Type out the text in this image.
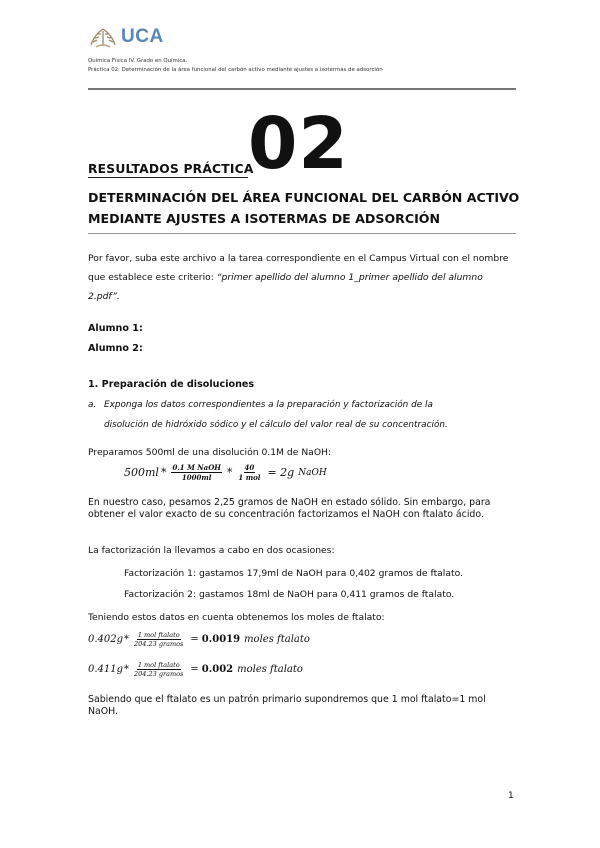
UCA
Química Física IV. Grado en Química.
Práctica 02: Determinación de la área funcional del carbón activo mediante ajustes a isotermas de adsorción
RESULTADOS PRÁCTICA
02
DETERMINACIÓN DEL ÁREA FUNCIONAL DEL CARBÓN ACTIVO
MEDIANTE AJUSTES A ISOTERMAS DE ADSORCIÓN
Por favor, suba este archivo a la tarea correspondiente en el Campus Virtual con el nombre que establece este criterio: “primer apellido del alumno 1_primer apellido del alumno 2.pdf”.
Alumno 1:
Alumno 2:
1. Preparación de disoluciones
a. Exponga los datos correspondientes a la preparación y factorización de la
disolución de hidróxido sódico y el cálculo del valor real de su concentración.
Preparamos 500ml de una disolución 0.1M de NaOH:
$500ml * \frac{\text{0.1 M NaOH}}{1000ml} * \frac{40}{\text{1 mol}} = 2g$ NaOH
En nuestro caso, pesamos 2,25 gramos de NaOH en estado sólido. Sin embargo, para obtener el valor exacto de su concentración factorizamos el NaOH con ftalato ácido.
La factorización la llevamos a cabo en dos ocasiones:
Factorización 1: gastamos 17,9ml de NaOH para 0,402 gramos de ftalato.
Factorización 2: gastamos 18ml de NaOH para 0,411 gramos de ftalato.
Teniendo estos datos en cuenta obtenemos los moles de ftalato:
$0.402g * \frac{\text{1 mol ftalato}}{\text{204.23 gramos}} = 0.0019$ moles ftalato
$0.411g * \frac{\text{1 mol ftalato}}{\text{204.23 gramos}} = 0.002$ moles ftalato
Sabiendo que el ftalato es un patrón primario supondremos que 1 mol ftalato=1 mol NaOH.
1
